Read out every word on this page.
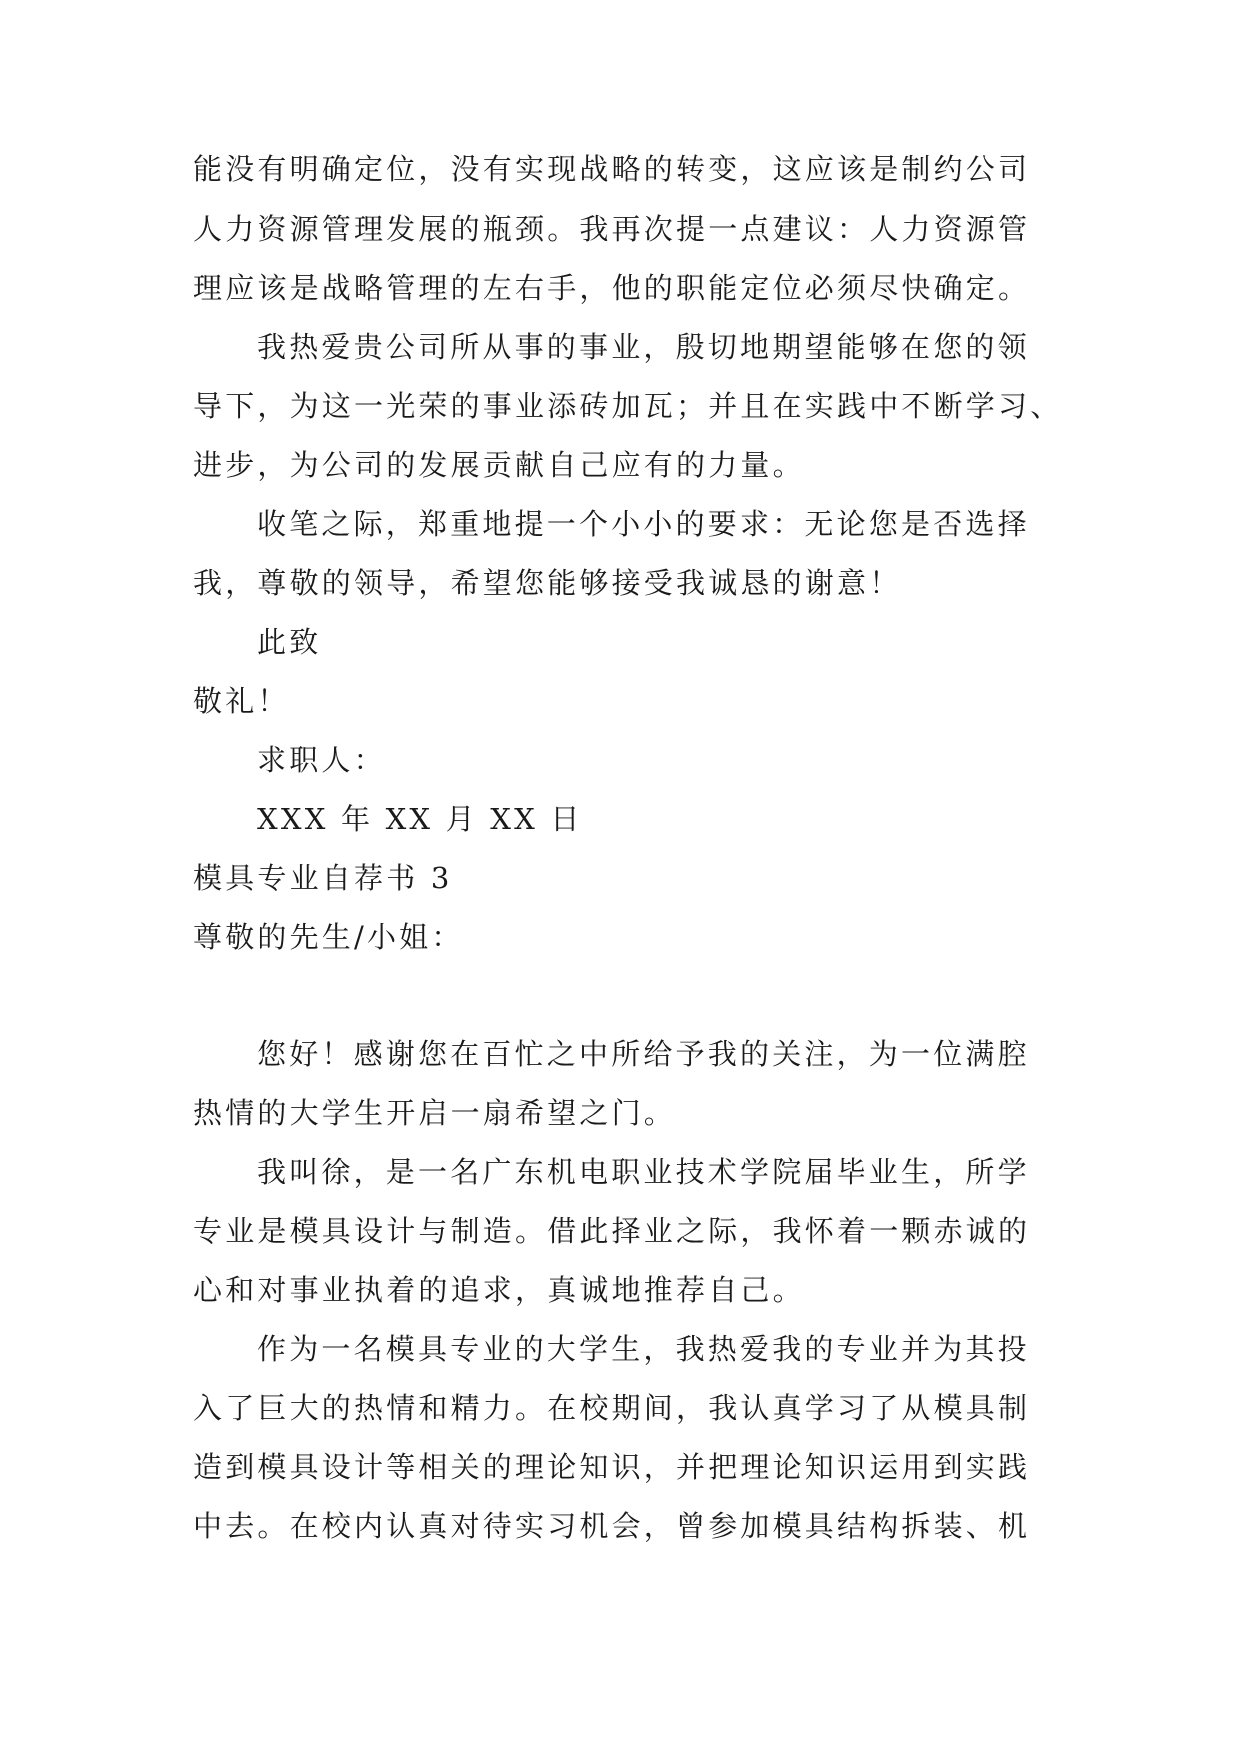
能没有明确定位，没有实现战略的转变，这应该是制约公司
人力资源管理发展的瓶颈。我再次提一点建议：人力资源管
理应该是战略管理的左右手，他的职能定位必须尽快确定。
我热爱贵公司所从事的事业，殷切地期望能够在您的领
导下，为这一光荣的事业添砖加瓦；并且在实践中不断学习、
进步，为公司的发展贡献自己应有的力量。
收笔之际，郑重地提一个小小的要求：无论您是否选择
我，尊敬的领导，希望您能够接受我诚恳的谢意！
此致
敬礼！
求职人：
XXX 年 XX 月 XX 日
模具专业自荐书 3
尊敬的先生/小姐：
您好！感谢您在百忙之中所给予我的关注，为一位满腔
热情的大学生开启一扇希望之门。
我叫徐，是一名广东机电职业技术学院届毕业生，所学
专业是模具设计与制造。借此择业之际，我怀着一颗赤诚的
心和对事业执着的追求，真诚地推荐自己。
作为一名模具专业的大学生，我热爱我的专业并为其投
入了巨大的热情和精力。在校期间，我认真学习了从模具制
造到模具设计等相关的理论知识，并把理论知识运用到实践
中去。在校内认真对待实习机会，曾参加模具结构拆装、机
